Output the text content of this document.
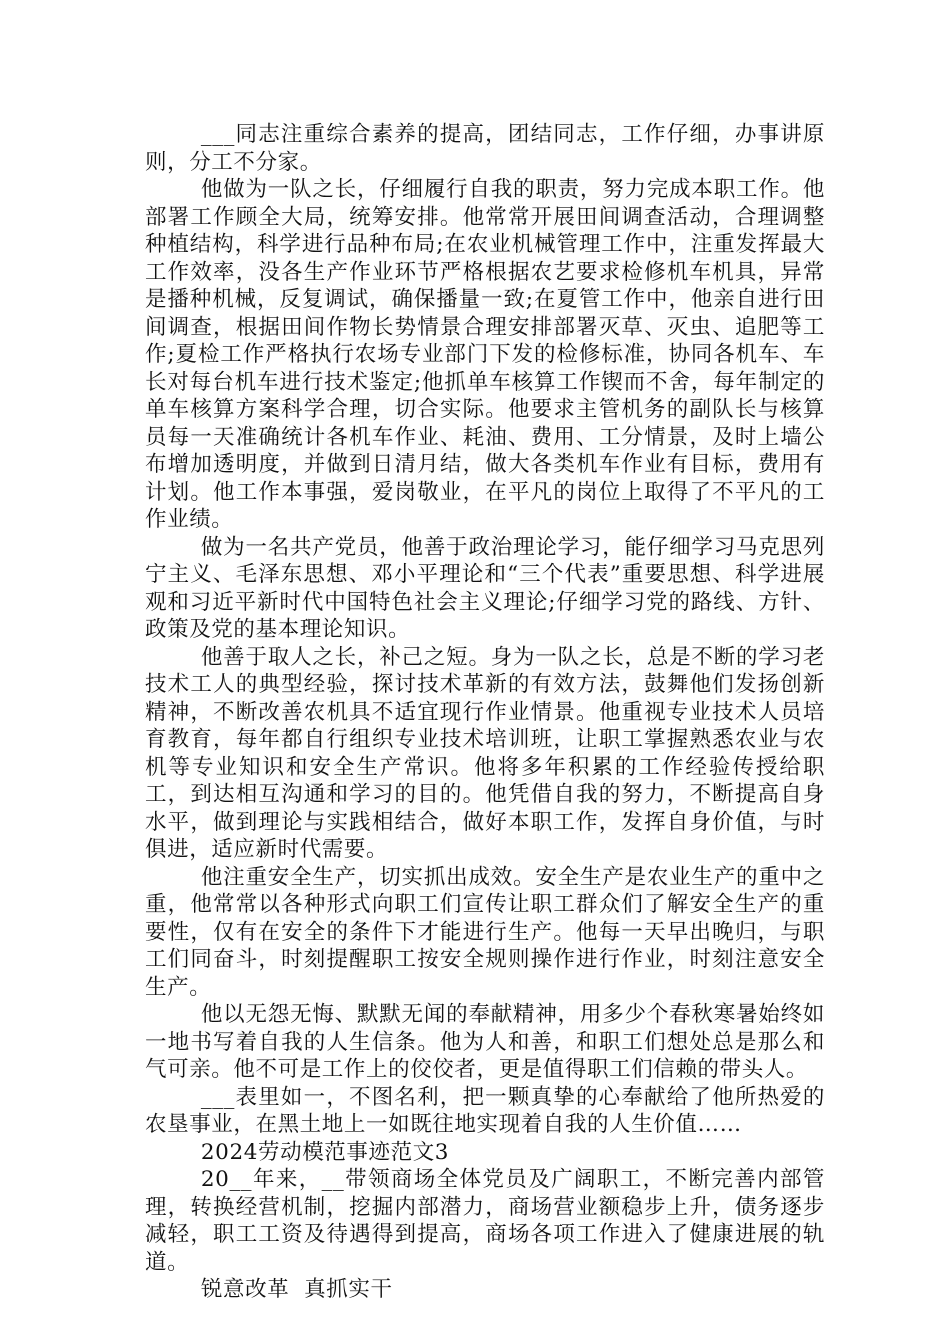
___同志注重综合素养的提高，团结同志，工作仔细，办事讲原则，分工不分家。

他做为一队之长，仔细履行自我的职责，努力完成本职工作。他部署工作顾全大局，统筹安排。他常常开展田间调查活动，合理调整种植结构，科学进行品种布局;在农业机械管理工作中，注重发挥最大工作效率，没各生产作业环节严格根据农艺要求检修机车机具，异常是播种机械，反复调试，确保播量一致;在夏管工作中，他亲自进行田间调查，根据田间作物长势情景合理安排部署灭草、灭虫、追肥等工作;夏检工作严格执行农场专业部门下发的检修标准，协同各机车、车长对每台机车进行技术鉴定;他抓单车核算工作锲而不舍，每年制定的单车核算方案科学合理，切合实际。他要求主管机务的副队长与核算员每一天准确统计各机车作业、耗油、费用、工分情景，及时上墙公布增加透明度，并做到日清月结，做大各类机车作业有目标，费用有计划。他工作本事强，爱岗敬业，在平凡的岗位上取得了不平凡的工作业绩。

做为一名共产党员，他善于政治理论学习，能仔细学习马克思列宁主义、毛泽东思想、邓小平理论和“三个代表”重要思想、科学进展观和习近平新时代中国特色社会主义理论;仔细学习党的路线、方针、政策及党的基本理论知识。

他善于取人之长，补己之短。身为一队之长，总是不断的学习老技术工人的典型经验，探讨技术革新的有效方法，鼓舞他们发扬创新精神，不断改善农机具不适宜现行作业情景。他重视专业技术人员培育教育，每年都自行组织专业技术培训班，让职工掌握熟悉农业与农机等专业知识和安全生产常识。他将多年积累的工作经验传授给职工，到达相互沟通和学习的目的。他凭借自我的努力，不断提高自身水平，做到理论与实践相结合，做好本职工作，发挥自身价值，与时俱进，适应新时代需要。

他注重安全生产，切实抓出成效。安全生产是农业生产的重中之重，他常常以各种形式向职工们宣传让职工群众们了解安全生产的重要性，仅有在安全的条件下才能进行生产。他每一天早出晚归，与职工们同奋斗，时刻提醒职工按安全规则操作进行作业，时刻注意安全生产。

他以无怨无悔、默默无闻的奉献精神，用多少个春秋寒暑始终如一地书写着自我的人生信条。他为人和善，和职工们想处总是那么和气可亲。他不可是工作上的佼佼者，更是值得职工们信赖的带头人。

___表里如一，不图名利，把一颗真挚的心奉献给了他所热爱的农垦事业，在黑土地上一如既往地实现着自我的人生价值……

2024劳动模范事迹范文3

20__年来，__带领商场全体党员及广阔职工，不断完善内部管理，转换经营机制，挖掘内部潜力，商场营业额稳步上升，债务逐步减轻，职工工资及待遇得到提高，商场各项工作进入了健康进展的轨道。

锐意改革  真抓实干
